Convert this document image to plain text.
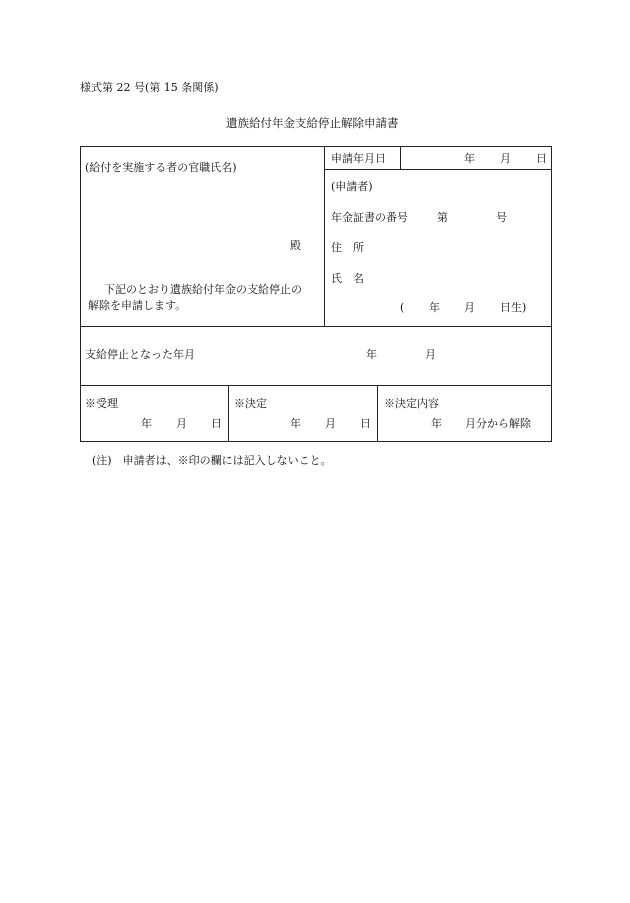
様式第 22 号(第 15 条関係)
遺族給付年金支給停止解除申請書
(給付を実施する者の官職氏名)
殿
下記のとおり遺族給付年金の支給停止の
解除を申請します。
申請年月日	年 月 日
(申請者)
年金証書の番号	第	号
住　所
氏　名
( 年 月 日生)
支給停止となった年月	年	月
※受理
年 月 日
※決定
年 月 日
※決定内容
年 月分から解除
(注)　申請者は、※印の欄には記入しないこと。
